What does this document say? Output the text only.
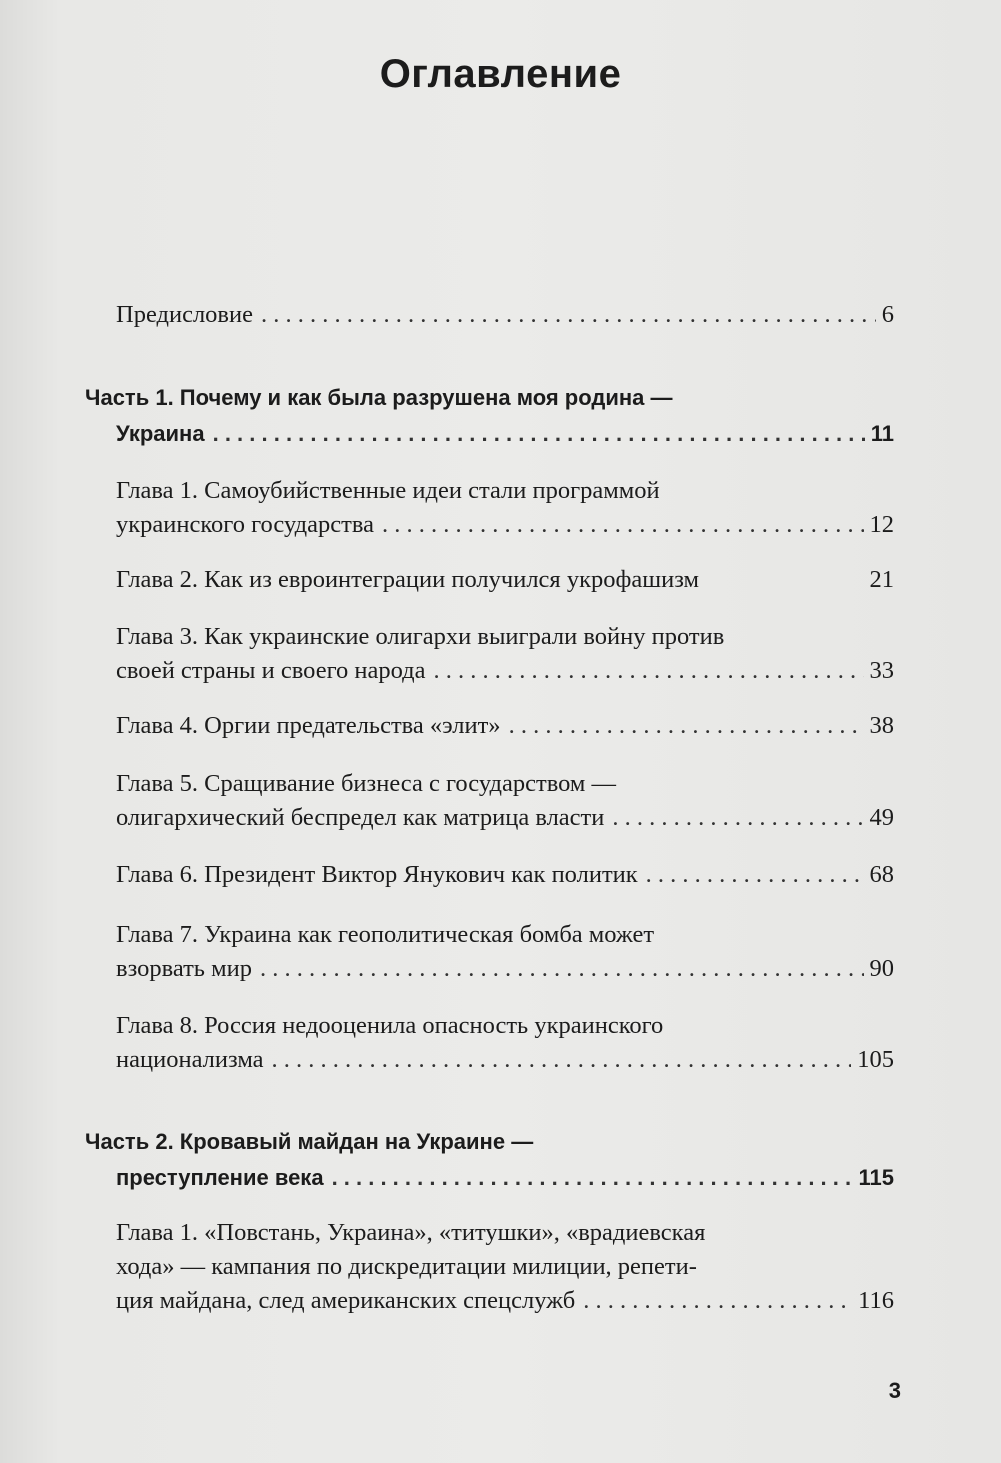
Оглавление
Предисловие . . .	6
Часть 1. Почему и как была разрушена моя родина —
Украина . . .	11
Глава 1. Самоубийственные идеи стали программой
украинского государства . . .	12
Глава 2. Как из евроинтеграции получился укрофашизм	21
Глава 3. Как украинские олигархи выиграли войну против
своей страны и своего народа . . .	33
Глава 4. Оргии предательства «элит» . . .	38
Глава 5. Сращивание бизнеса с государством —
олигархический беспредел как матрица власти . . .	49
Глава 6. Президент Виктор Янукович как политик . . .	68
Глава 7. Украина как геополитическая бомба может
взорвать мир . . .	90
Глава 8. Россия недооценила опасность украинского
национализма . . .	105
Часть 2. Кровавый майдан на Украине —
преступление века . . .	115
Глава 1. «Повстань, Украина», «титушки», «врадиевская
хода» — кампания по дискредитации милиции, репети-
ция майдана, след американских спецслужб . . .	116
3
